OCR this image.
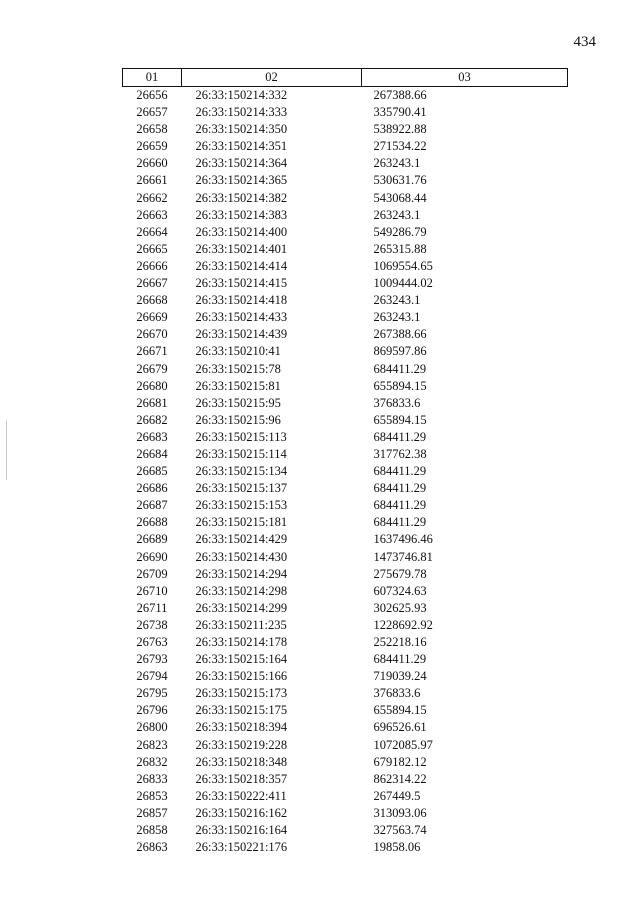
434
01	02	03
26656	26:33:150214:332	267388.66
26657	26:33:150214:333	335790.41
26658	26:33:150214:350	538922.88
26659	26:33:150214:351	271534.22
26660	26:33:150214:364	263243.1
26661	26:33:150214:365	530631.76
26662	26:33:150214:382	543068.44
26663	26:33:150214:383	263243.1
26664	26:33:150214:400	549286.79
26665	26:33:150214:401	265315.88
26666	26:33:150214:414	1069554.65
26667	26:33:150214:415	1009444.02
26668	26:33:150214:418	263243.1
26669	26:33:150214:433	263243.1
26670	26:33:150214:439	267388.66
26671	26:33:150210:41	869597.86
26679	26:33:150215:78	684411.29
26680	26:33:150215:81	655894.15
26681	26:33:150215:95	376833.6
26682	26:33:150215:96	655894.15
26683	26:33:150215:113	684411.29
26684	26:33:150215:114	317762.38
26685	26:33:150215:134	684411.29
26686	26:33:150215:137	684411.29
26687	26:33:150215:153	684411.29
26688	26:33:150215:181	684411.29
26689	26:33:150214:429	1637496.46
26690	26:33:150214:430	1473746.81
26709	26:33:150214:294	275679.78
26710	26:33:150214:298	607324.63
26711	26:33:150214:299	302625.93
26738	26:33:150211:235	1228692.92
26763	26:33:150214:178	252218.16
26793	26:33:150215:164	684411.29
26794	26:33:150215:166	719039.24
26795	26:33:150215:173	376833.6
26796	26:33:150215:175	655894.15
26800	26:33:150218:394	696526.61
26823	26:33:150219:228	1072085.97
26832	26:33:150218:348	679182.12
26833	26:33:150218:357	862314.22
26853	26:33:150222:411	267449.5
26857	26:33:150216:162	313093.06
26858	26:33:150216:164	327563.74
26863	26:33:150221:176	19858.06
